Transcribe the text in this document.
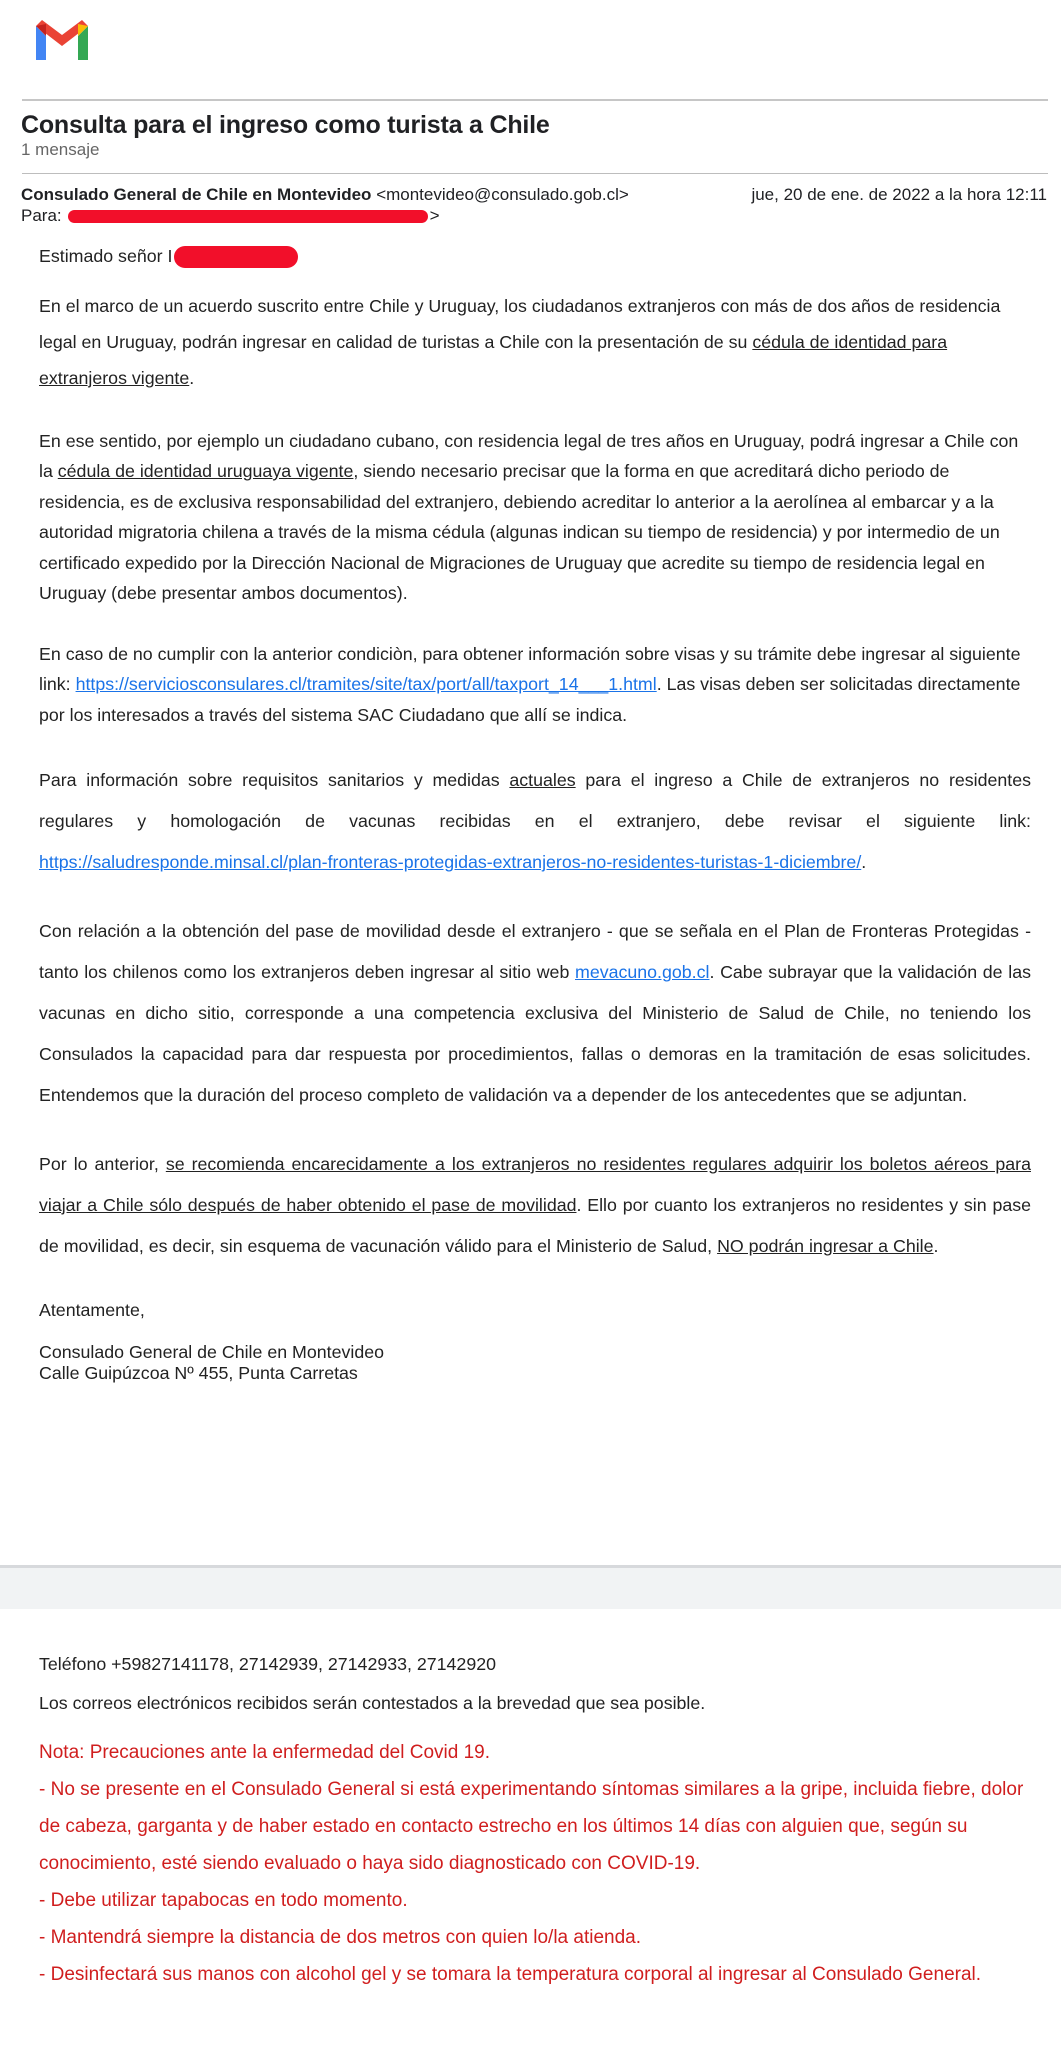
Consulta para el ingreso como turista a Chile
1 mensaje
Consulado General de Chile en Montevideo <montevideo@consulado.gob.cl>	jue, 20 de ene. de 2022 a la hora 12:11
Para:	>

Estimado señor I

En el marco de un acuerdo suscrito entre Chile y Uruguay, los ciudadanos extranjeros con más de dos años de residencia legal en Uruguay, podrán ingresar en calidad de turistas a Chile con la presentación de su cédula de identidad para extranjeros vigente.

En ese sentido, por ejemplo un ciudadano cubano, con residencia legal de tres años en Uruguay, podrá ingresar a Chile con la cédula de identidad uruguaya vigente, siendo necesario precisar que la forma en que acreditará dicho periodo de residencia, es de exclusiva responsabilidad del extranjero, debiendo acreditar lo anterior a la aerolínea al embarcar y a la autoridad migratoria chilena a través de la misma cédula (algunas indican su tiempo de residencia) y por intermedio de un certificado expedido por la Dirección Nacional de Migraciones de Uruguay que acredite su tiempo de residencia legal en Uruguay (debe presentar ambos documentos).

En caso de no cumplir con la anterior condiciòn, para obtener información sobre visas y su trámite debe ingresar al siguiente link: https://serviciosconsulares.cl/tramites/site/tax/port/all/taxport_14___1.html. Las visas deben ser solicitadas directamente por los interesados a través del sistema SAC Ciudadano que allí se indica.

Para información sobre requisitos sanitarios y medidas actuales para el ingreso a Chile de extranjeros no residentes regulares y homologación de vacunas recibidas en el extranjero, debe revisar el siguiente link: https://saludresponde.minsal.cl/plan-fronteras-protegidas-extranjeros-no-residentes-turistas-1-diciembre/.

Con relación a la obtención del pase de movilidad desde el extranjero - que se señala en el Plan de Fronteras Protegidas - tanto los chilenos como los extranjeros deben ingresar al sitio web mevacuno.gob.cl. Cabe subrayar que la validación de las vacunas en dicho sitio, corresponde a una competencia exclusiva del Ministerio de Salud de Chile, no teniendo los Consulados la capacidad para dar respuesta por procedimientos, fallas o demoras en la tramitación de esas solicitudes. Entendemos que la duración del proceso completo de validación va a depender de los antecedentes que se adjuntan.

Por lo anterior, se recomienda encarecidamente a los extranjeros no residentes regulares adquirir los boletos aéreos para viajar a Chile sólo después de haber obtenido el pase de movilidad. Ello por cuanto los extranjeros no residentes y sin pase de movilidad, es decir, sin esquema de vacunación válido para el Ministerio de Salud, NO podrán ingresar a Chile.

Atentamente,

Consulado General de Chile en Montevideo

Calle Guipúzcoa Nº 455, Punta Carretas

Teléfono +59827141178, 27142939, 27142933, 27142920

Los correos electrónicos recibidos serán contestados a la brevedad que sea posible.

Nota: Precauciones ante la enfermedad del Covid 19.

- No se presente en el Consulado General si está experimentando síntomas similares a la gripe, incluida fiebre, dolor de cabeza, garganta y de haber estado en contacto estrecho en los últimos 14 días con alguien que, según su conocimiento, esté siendo evaluado o haya sido diagnosticado con COVID-19.

- Debe utilizar tapabocas en todo momento.

- Mantendrá siempre la distancia de dos metros con quien lo/la atienda.

- Desinfectará sus manos con alcohol gel y se tomara la temperatura corporal al ingresar al Consulado General.
